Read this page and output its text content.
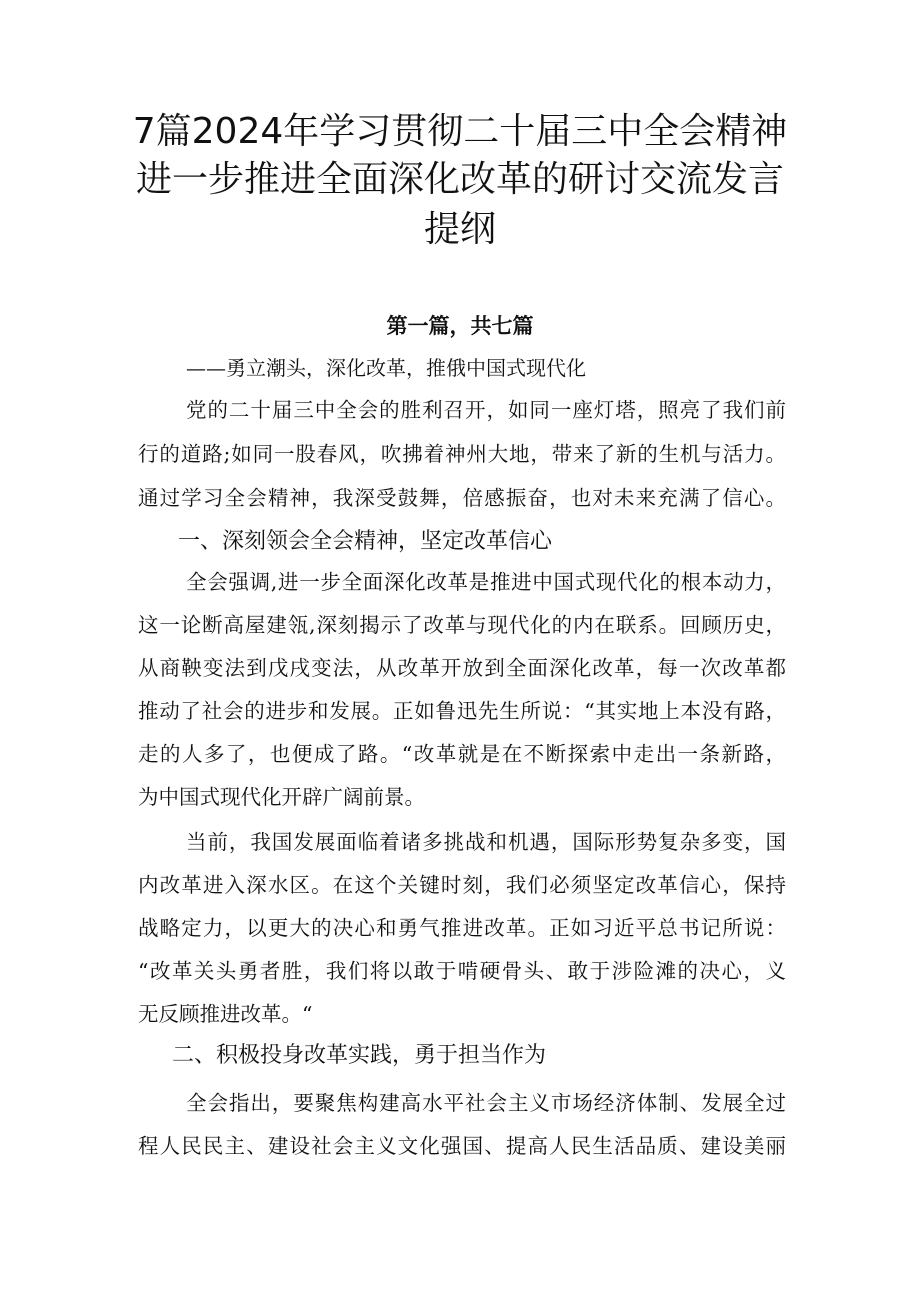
7篇2024年学习贯彻二十届三中全会精神
进一步推进全面深化改革的研讨交流发言
提纲
第一篇，共七篇
——勇立潮头，深化改革，推俄中国式现代化
党的二十届三中全会的胜利召开，如同一座灯塔，照亮了我们前
行的道路;如同一股春风，吹拂着神州大地，带来了新的生机与活力。
通过学习全会精神，我深受鼓舞，倍感振奋，也对未来充满了信心。
一、深刻领会全会精神，坚定改革信心
全会强调,进一步全面深化改革是推进中国式现代化的根本动力，
这一论断高屋建瓴,深刻揭示了改革与现代化的内在联系。回顾历史，
从商鞅变法到戊戌变法，从改革开放到全面深化改革，每一次改革都
推动了社会的进步和发展。正如鲁迅先生所说：“其实地上本没有路，
走的人多了，也便成了路。“改革就是在不断探索中走出一条新路，
为中国式现代化开辟广阔前景。
当前，我国发展面临着诸多挑战和机遇，国际形势复杂多变，国
内改革进入深水区。在这个关键时刻，我们必须坚定改革信心，保持
战略定力，以更大的决心和勇气推进改革。正如习近平总书记所说：
“改革关头勇者胜，我们将以敢于啃硬骨头、敢于涉险滩的决心，义
无反顾推进改革。“
二、积极投身改革实践，勇于担当作为
全会指出，要聚焦构建高水平社会主义市场经济体制、发展全过
程人民民主、建设社会主义文化强国、提高人民生活品质、建设美丽
